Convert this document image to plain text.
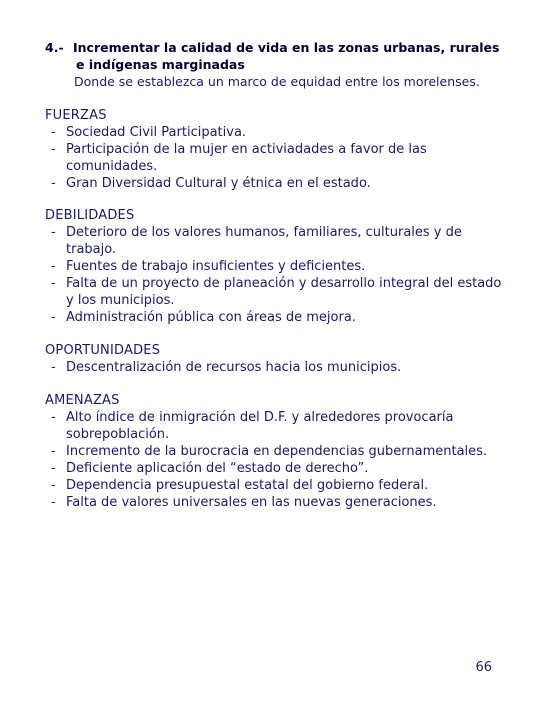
4.- Incrementar la calidad de vida en las zonas urbanas, rurales
e indígenas marginadas
Donde se establezca un marco de equidad entre los morelenses.
FUERZAS
- Sociedad Civil Participativa.
- Participación de la mujer en activiadades a favor de las comunidades.
- Gran Diversidad Cultural y étnica en el estado.
DEBILIDADES
- Deterioro de los valores humanos, familiares, culturales y de trabajo.
- Fuentes de trabajo insuficientes y deficientes.
- Falta de un proyecto de planeación y desarrollo integral del estado y los municipios.
- Administración pública con áreas de mejora.
OPORTUNIDADES
- Descentralización de recursos hacia los municipios.
AMENAZAS
- Alto índice de inmigración del D.F. y alrededores provocaría sobrepoblación.
- Incremento de la burocracia en dependencias gubernamentales.
- Deficiente aplicación del “estado de derecho”.
- Dependencia presupuestal estatal del gobierno federal.
- Falta de valores universales en las nuevas generaciones.
66
